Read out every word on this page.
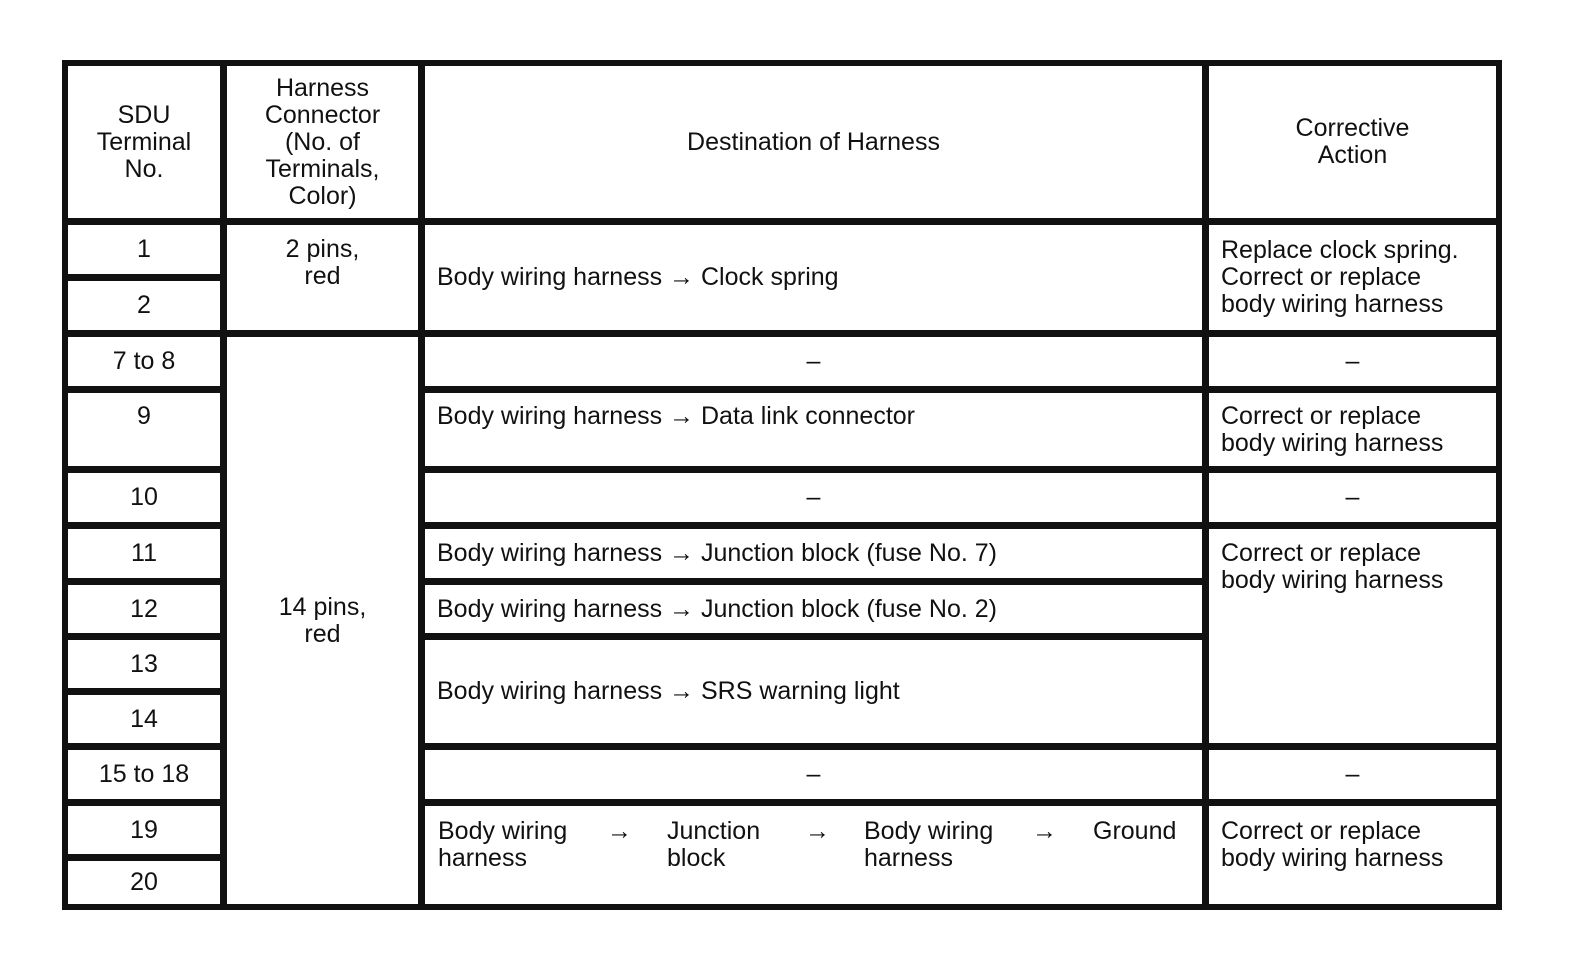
SDU
Terminal
No.
Harness
Connector
(No. of
Terminals,
Color)
Destination of Harness	Corrective
Action
1
2
7 to 8
9
10
11
12
13
14
15 to 18
19
20
2 pins,
red
14 pins,
red
Body wiring harness → Clock spring
–
Body wiring harness → Data link connector
–
Body wiring harness → Junction block (fuse No. 7)
Body wiring harness → Junction block (fuse No. 2)
Body wiring harness → SRS warning light
–
Body wiring
harness
→ Junction
block
→ Body wiring
harness
→ Ground
Replace clock spring.
Correct or replace
body wiring harness
–
Correct or replace
body wiring harness
–
Correct or replace
body wiring harness
–
Correct or replace
body wiring harness
